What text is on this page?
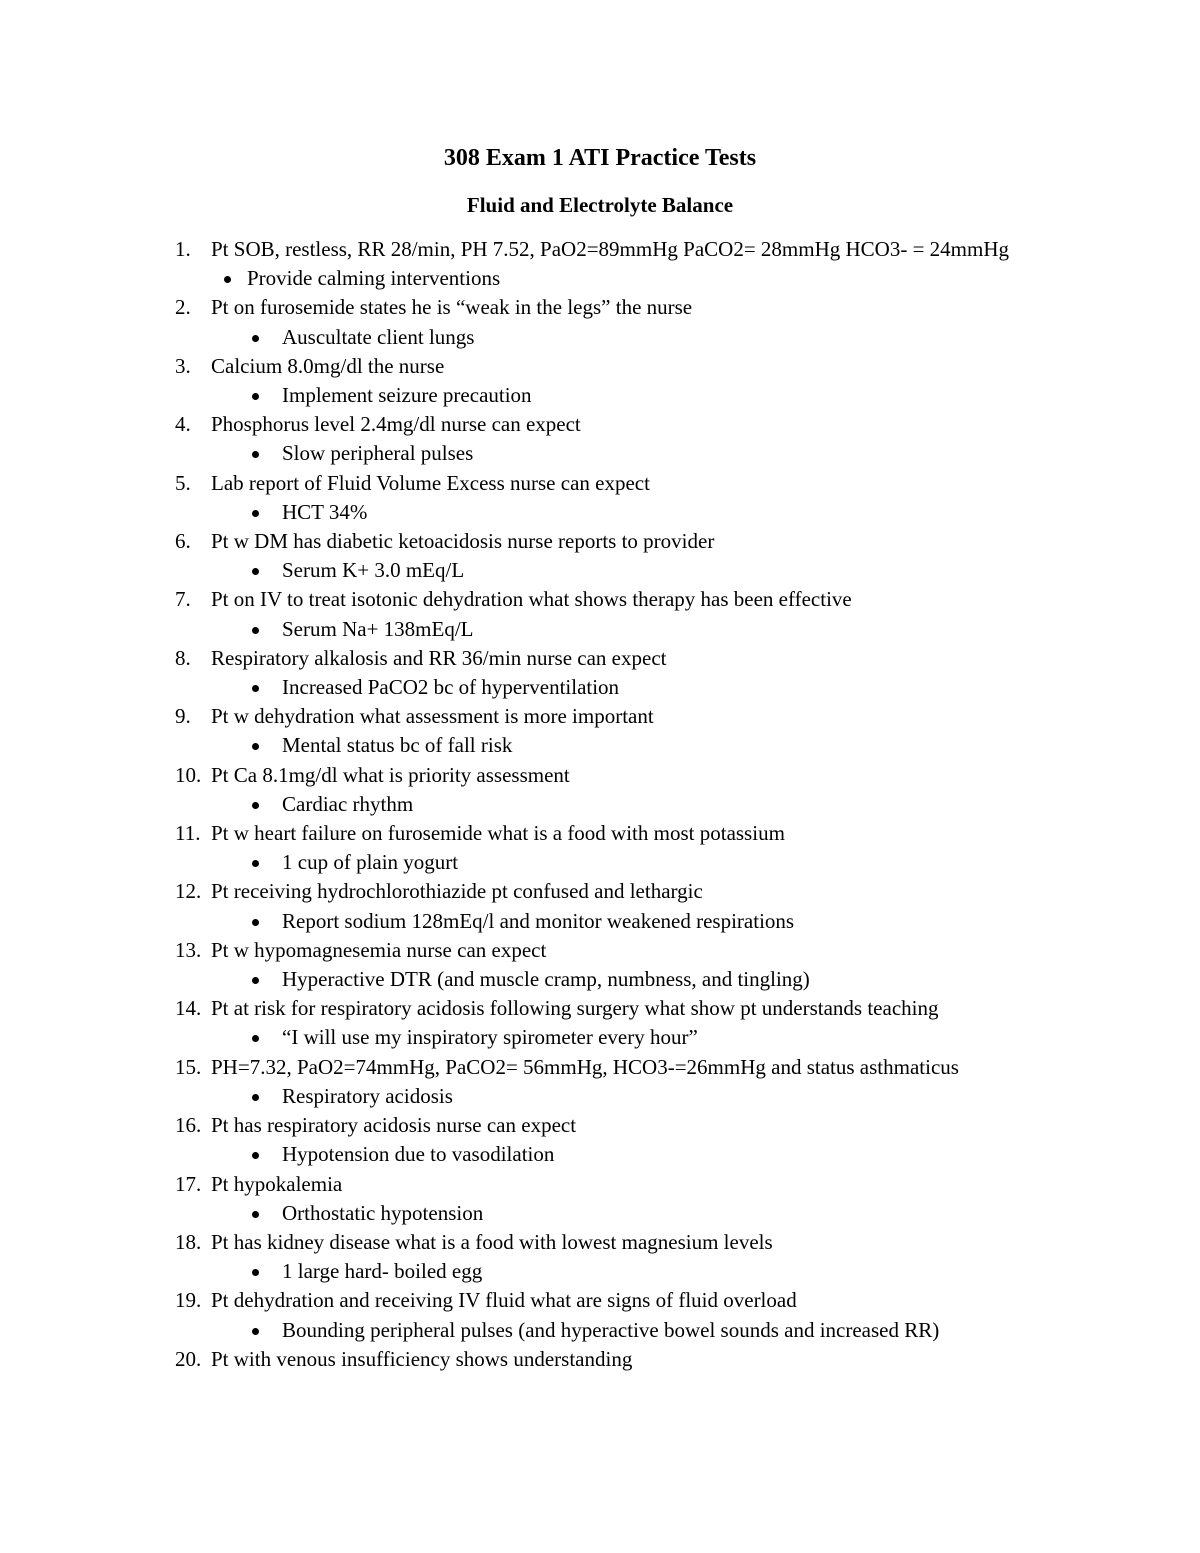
308 Exam 1 ATI Practice Tests
Fluid and Electrolyte Balance
1. Pt SOB, restless, RR 28/min, PH 7.52, PaO2=89mmHg PaCO2= 28mmHg HCO3- = 24mmHg
Provide calming interventions
2. Pt on furosemide states he is “weak in the legs” the nurse
Auscultate client lungs
3. Calcium 8.0mg/dl the nurse
Implement seizure precaution
4. Phosphorus level 2.4mg/dl nurse can expect
Slow peripheral pulses
5. Lab report of Fluid Volume Excess nurse can expect
HCT 34%
6. Pt w DM has diabetic ketoacidosis nurse reports to provider
Serum K+ 3.0 mEq/L
7. Pt on IV to treat isotonic dehydration what shows therapy has been effective
Serum Na+ 138mEq/L
8. Respiratory alkalosis and RR 36/min nurse can expect
Increased PaCO2 bc of hyperventilation
9. Pt w dehydration what assessment is more important
Mental status bc of fall risk
10. Pt Ca 8.1mg/dl what is priority assessment
Cardiac rhythm
11. Pt w heart failure on furosemide what is a food with most potassium
1 cup of plain yogurt
12. Pt receiving hydrochlorothiazide pt confused and lethargic
Report sodium 128mEq/l and monitor weakened respirations
13. Pt w hypomagnesemia nurse can expect
Hyperactive DTR (and muscle cramp, numbness, and tingling)
14. Pt at risk for respiratory acidosis following surgery what show pt understands teaching
“I will use my inspiratory spirometer every hour”
15. PH=7.32, PaO2=74mmHg, PaCO2= 56mmHg, HCO3-=26mmHg and status asthmaticus
Respiratory acidosis
16. Pt has respiratory acidosis nurse can expect
Hypotension due to vasodilation
17. Pt hypokalemia
Orthostatic hypotension
18. Pt has kidney disease what is a food with lowest magnesium levels
1 large hard- boiled egg
19. Pt dehydration and receiving IV fluid what are signs of fluid overload
Bounding peripheral pulses (and hyperactive bowel sounds and increased RR)
20. Pt with venous insufficiency shows understanding
